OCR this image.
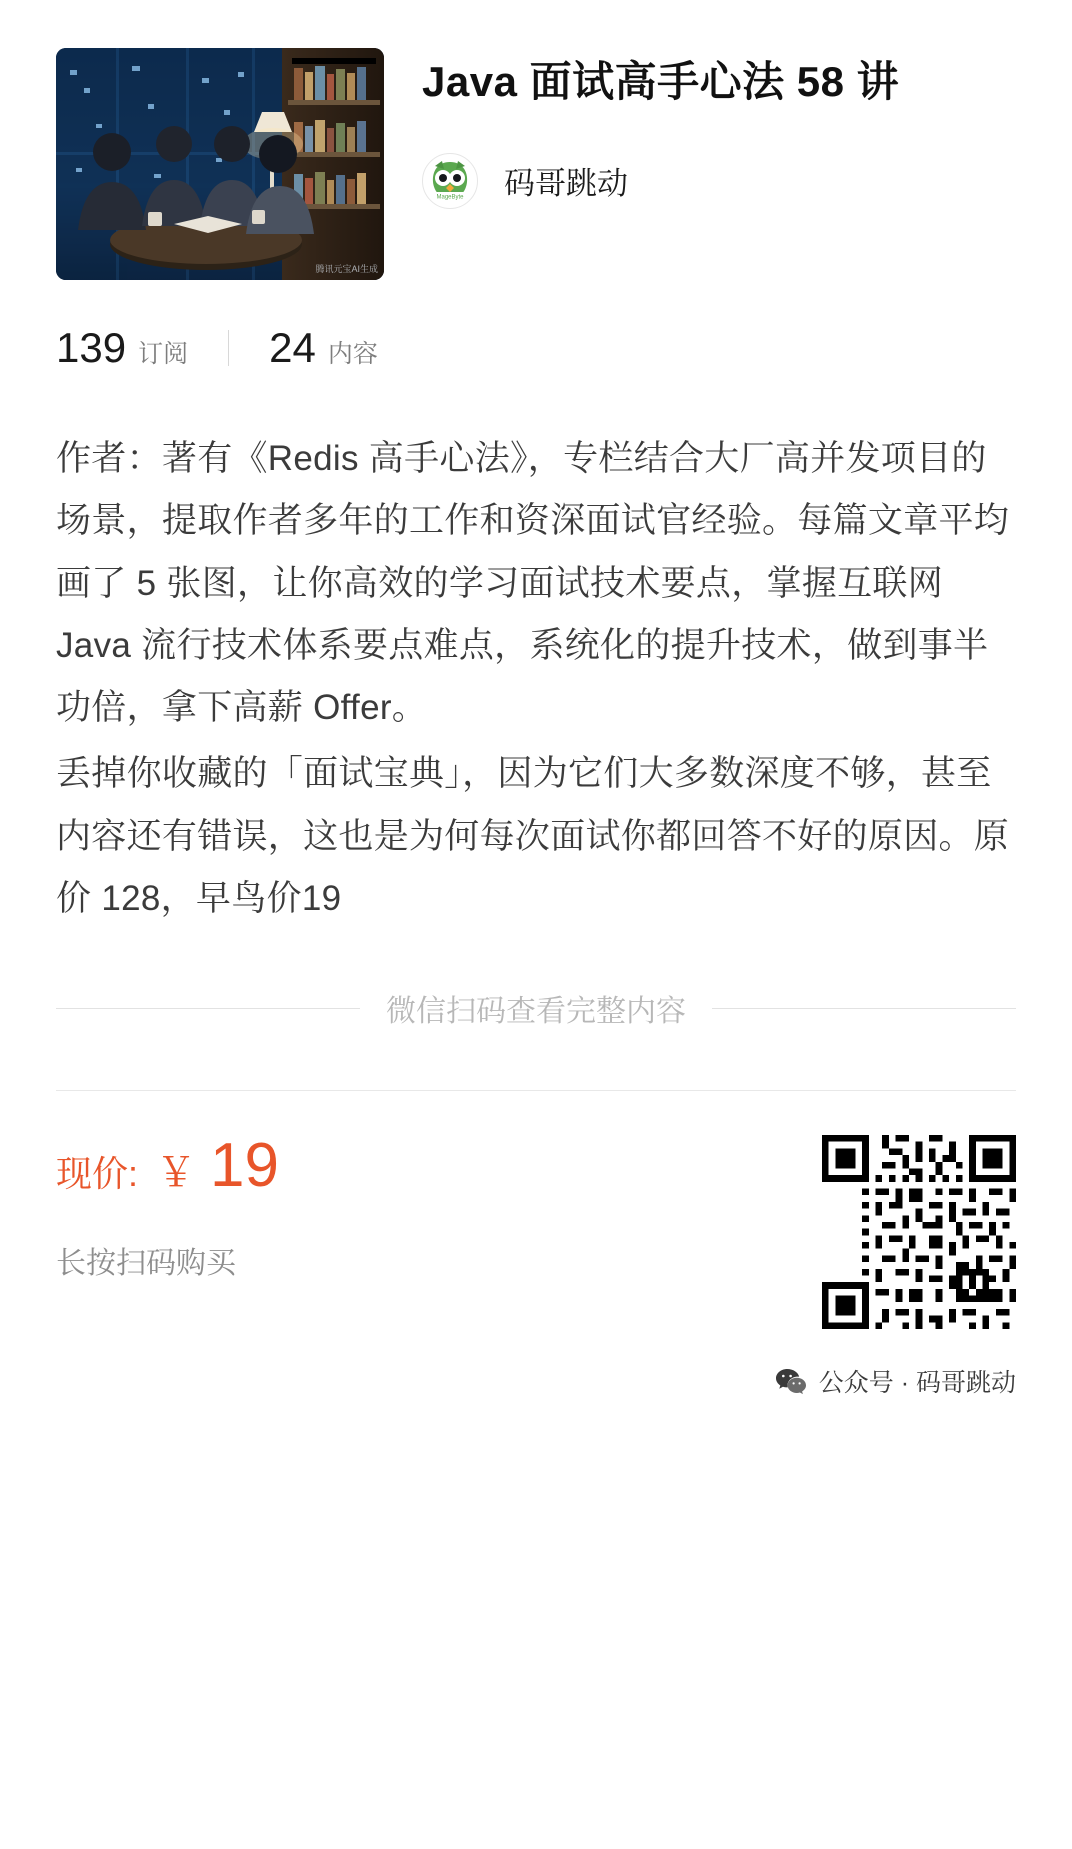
腾讯元宝AI生成
Java 面试高手心法 58 讲
MageByte 码哥跳动
139 订阅 24 内容

作者：著有《Redis 高手心法》，专栏结合大厂高并发项目的场景，提取作者多年的工作和资深面试官经验。每篇文章平均画了 5 张图，让你高效的学习面试技术要点，掌握互联网 Java 流行技术体系要点难点，系统化的提升技术，做到事半功倍，拿下高薪 Offer。

丢掉你收藏的「面试宝典」，因为它们大多数深度不够，甚至内容还有错误，这也是为何每次面试你都回答不好的原因。原价 128，早鸟价19

微信扫码查看完整内容
现价: ￥ 19
长按扫码购买
公众号 · 码哥跳动
